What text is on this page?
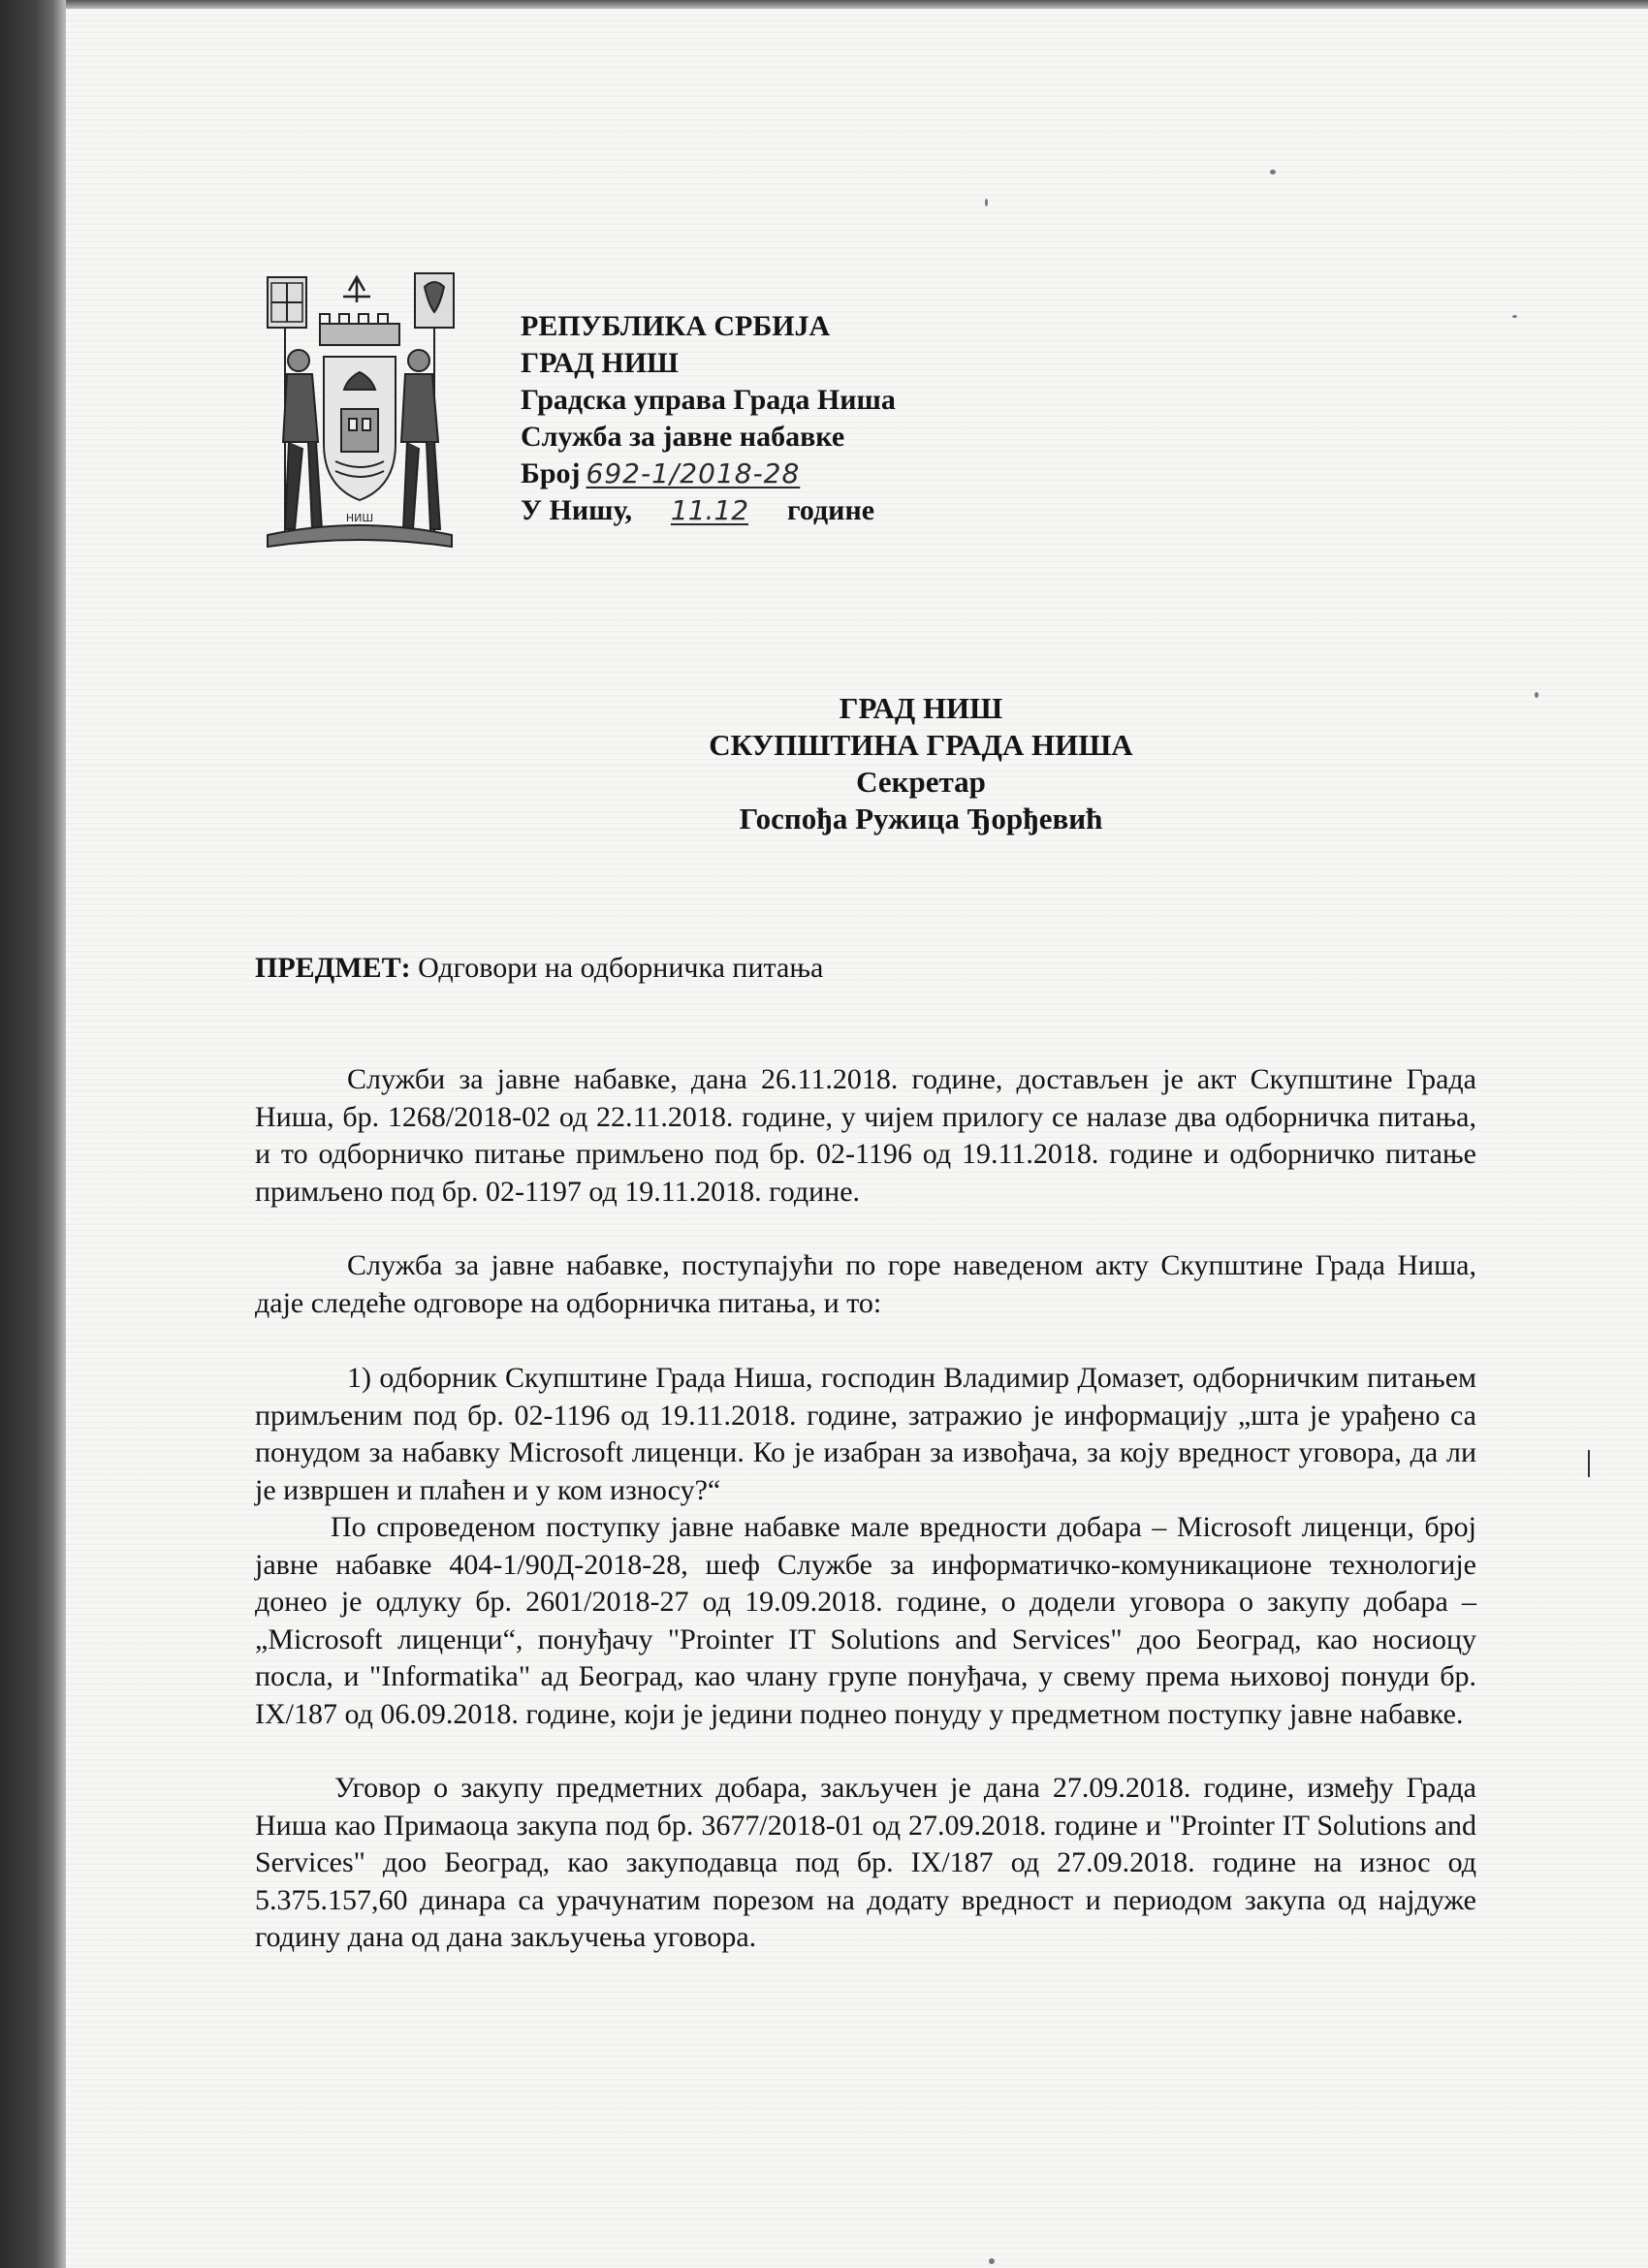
НИШ
РЕПУБЛИКА СРБИЈА
ГРАД НИШ
Градска управа Града Ниша
Служба за јавне набавке
Број 692-1/2018-28
У Нишу, 11.12 године
ГРАД НИШ
СКУПШТИНА ГРАДА НИША
Секретар
Госпођа Ружица Ђорђевић
ПРЕДМЕТ: Одговори на одборничка питања

Служби за јавне набавке, дана 26.11.2018. године, достављен је акт Скупштине Града Ниша, бр. 1268/2018-02 од 22.11.2018. године, у чијем прилогу се налазе два одборничка питања, и то одборничко питање примљено под бр. 02-1196 од 19.11.2018. године и одборничко питање примљено под бр. 02-1197 од 19.11.2018. године.

Служба за јавне набавке, поступајући по горе наведеном акту Скупштине Града Ниша, даје следеће одговоре на одборничка питања, и то:

1) одборник Скупштине Града Ниша, господин Владимир Домазет, одборничким питањем примљеним под бр. 02-1196 од 19.11.2018. године, затражио је информацију „шта је урађено са понудом за набавку Microsoft лиценци. Ко је изабран за извођача, за коју вредност уговора, да ли је извршен и плаћен и у ком износу?“

По спроведеном поступку јавне набавке мале вредности добара – Microsoft лиценци, број јавне набавке 404-1/90Д-2018-28, шеф Службе за информатичко-комуникационе технологије донео је одлуку бр. 2601/2018-27 од 19.09.2018. године, о додели уговора о закупу добара – „Microsoft лиценци“, понуђачу "Prointer IT Solutions and Services" доо Београд, као носиоцу посла, и "Informatika" ад Београд, као члану групе понуђача, у свему према њиховој понуди бр. IX/187 од 06.09.2018. године, који је једини поднео понуду у предметном поступку јавне набавке.

Уговор о закупу предметних добара, закључен је дана 27.09.2018. године, између Града Ниша као Примаоца закупа под бр. 3677/2018-01 од 27.09.2018. године и "Prointer IT Solutions and Services" доо Београд, као закуподавца под бр. IX/187 од 27.09.2018. године на износ од 5.375.157,60 динара са урачунатим порезом на додату вредност и периодом закупа од најдуже годину дана од дана закључења уговора.
